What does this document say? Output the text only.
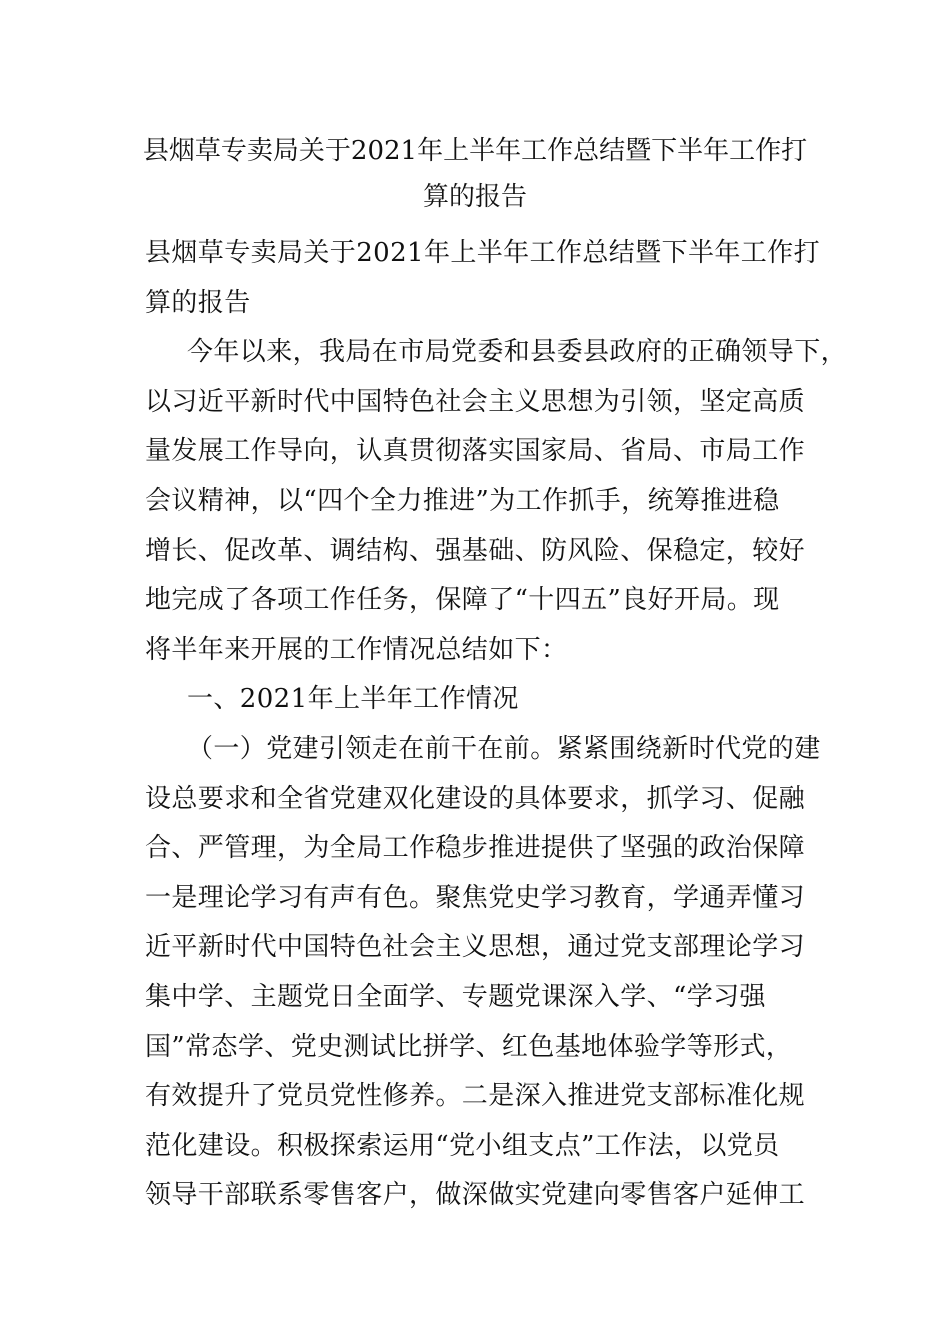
县烟草专卖局关于2021年上半年工作总结暨下半年工作打
算的报告
县烟草专卖局关于2021年上半年工作总结暨下半年工作打
算的报告
今年以来，我局在市局党委和县委县政府的正确领导下，
以习近平新时代中国特色社会主义思想为引领，坚定高质
量发展工作导向，认真贯彻落实国家局、省局、市局工作
会议精神，以“四个全力推进”为工作抓手，统筹推进稳
增长、促改革、调结构、强基础、防风险、保稳定，较好
地完成了各项工作任务，保障了“十四五”良好开局。现
将半年来开展的工作情况总结如下：
一、2021年上半年工作情况
（一）党建引领走在前干在前。紧紧围绕新时代党的建
设总要求和全省党建双化建设的具体要求，抓学习、促融
合、严管理，为全局工作稳步推进提供了坚强的政治保障
一是理论学习有声有色。聚焦党史学习教育，学通弄懂习
近平新时代中国特色社会主义思想，通过党支部理论学习
集中学、主题党日全面学、专题党课深入学、“学习强
国”常态学、党史测试比拼学、红色基地体验学等形式，
有效提升了党员党性修养。二是深入推进党支部标准化规
范化建设。积极探索运用“党小组支点”工作法，以党员
领导干部联系零售客户，做深做实党建向零售客户延伸工
